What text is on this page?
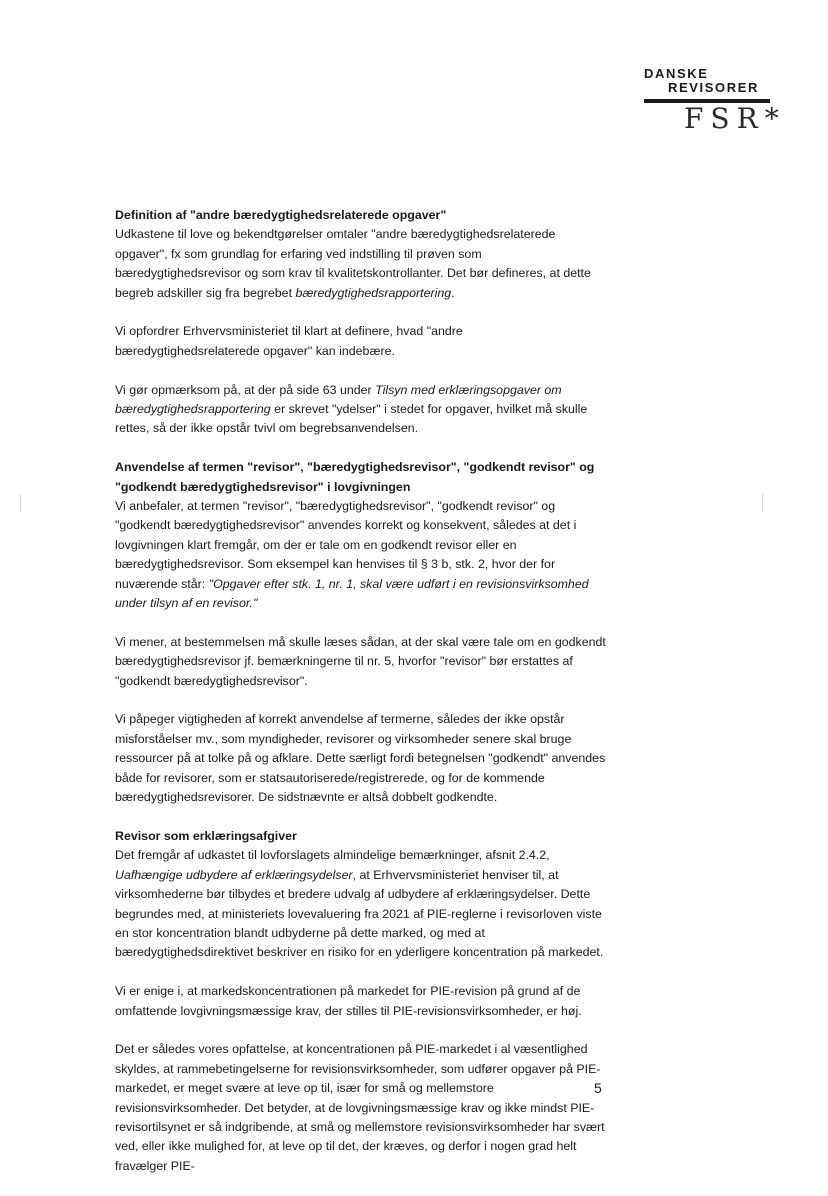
DANSKE
REVISORER
FSR*
Definition af "andre bæredygtighedsrelaterede opgaver"

Udkastene til love og bekendtgørelser omtaler "andre bæredygtighedsrelaterede opgaver", fx som grundlag for erfaring ved indstilling til prøven som bæredygtighedsrevisor og som krav til kvalitetskontrollanter. Det bør defineres, at dette begreb adskiller sig fra begrebet bæredygtighedsrapportering.

Vi opfordrer Erhvervsministeriet til klart at definere, hvad "andre bæredygtighedsrelaterede opgaver" kan indebære.

Vi gør opmærksom på, at der på side 63 under Tilsyn med erklæringsopgaver om bæredygtighedsrapportering er skrevet "ydelser" i stedet for opgaver, hvilket må skulle rettes, så der ikke opstår tvivl om begrebsanvendelsen.

Anvendelse af termen "revisor", "bæredygtighedsrevisor", "godkendt revisor" og "godkendt bæredygtighedsrevisor" i lovgivningen

Vi anbefaler, at termen "revisor", "bæredygtighedsrevisor", "godkendt revisor" og "godkendt bæredygtighedsrevisor" anvendes korrekt og konsekvent, således at det i lovgivningen klart fremgår, om der er tale om en godkendt revisor eller en bæredygtighedsrevisor. Som eksempel kan henvises til § 3 b, stk. 2, hvor der for nuværende står: "Opgaver efter stk. 1, nr. 1, skal være udført i en revisionsvirksomhed under tilsyn af en revisor."

Vi mener, at bestemmelsen må skulle læses sådan, at der skal være tale om en godkendt bæredygtighedsrevisor jf. bemærkningerne til nr. 5, hvorfor "revisor" bør erstattes af "godkendt bæredygtighedsrevisor".

Vi påpeger vigtigheden af korrekt anvendelse af termerne, således der ikke opstår misforståelser mv., som myndigheder, revisorer og virksomheder senere skal bruge ressourcer på at tolke på og afklare. Dette særligt fordi betegnelsen "godkendt" anvendes både for revisorer, som er statsautoriserede/registrerede, og for de kommende bæredygtighedsrevisorer. De sidstnævnte er altså dobbelt godkendte.

Revisor som erklæringsafgiver

Det fremgår af udkastet til lovforslagets almindelige bemærkninger, afsnit 2.4.2, Uafhængige udbydere af erklæringsydelser, at Erhvervsministeriet henviser til, at virksomhederne bør tilbydes et bredere udvalg af udbydere af erklæringsydelser. Dette begrundes med, at ministeriets lovevaluering fra 2021 af PIE-reglerne i revisorloven viste en stor koncentration blandt udbyderne på dette marked, og med at bæredygtighedsdirektivet beskriver en risiko for en yderligere koncentration på markedet.

Vi er enige i, at markedskoncentrationen på markedet for PIE-revision på grund af de omfattende lovgivningsmæssige krav, der stilles til PIE-revisionsvirksomheder, er høj.

Det er således vores opfattelse, at koncentrationen på PIE-markedet i al væsentlighed skyldes, at rammebetingelserne for revisionsvirksomheder, som udfører opgaver på PIE-markedet, er meget svære at leve op til, især for små og mellemstore revisionsvirksomheder. Det betyder, at de lovgivningsmæssige krav og ikke mindst PIE-revisortilsynet er så indgribende, at små og mellemstore revisionsvirksomheder har svært ved, eller ikke mulighed for, at leve op til det, der kræves, og derfor i nogen grad helt fravælger PIE-

5
